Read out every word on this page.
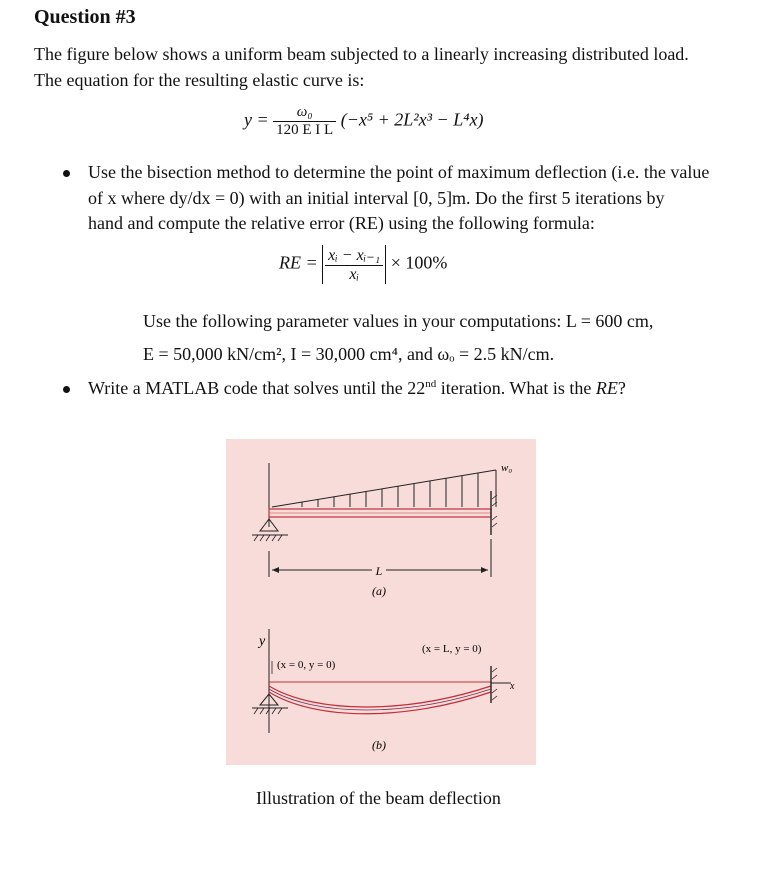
Question #3
The figure below shows a uniform beam subjected to a linearly increasing distributed load.
The equation for the resulting elastic curve is:
$y = \frac{\text{ω₀}}{\text{120 E I L}} (-x^5 + 2L^2x^3 - L^4x)$
Use the bisection method to determine the point of maximum deflection (i.e. the value
of x where dy/dx = 0) with an initial interval [0, 5]m. Do the first 5 iterations by
hand and compute the relative error (RE) using the following formula:
RE = $\frac{\text{xᵢ − xᵢ₋₁}}{\text{xᵢ}} \times 100\%$
Use the following parameter values in your computations: L = 600 cm,
E = 50,000 kN/cm², I = 30,000 cm⁴, and ωₒ = 2.5 kN/cm.
Write a MATLAB code that solves until the 22nd iteration. What is the RE?
L
w₀
(a)
y
x
(x = 0, y = 0)
(x = L, y = 0)
(b)
Illustration of the beam deflection
